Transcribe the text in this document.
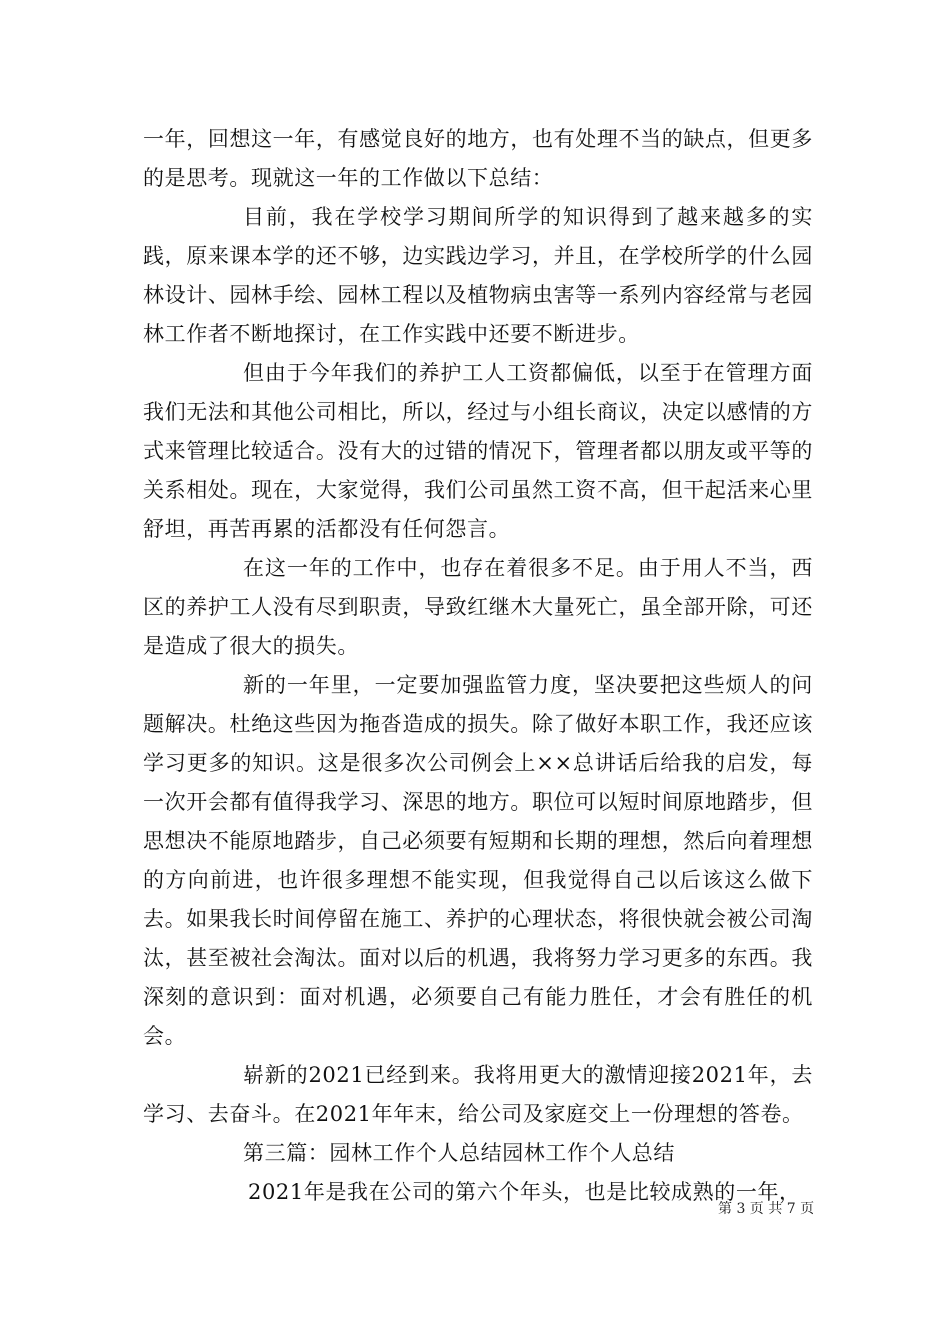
一年，回想这一年，有感觉良好的地方，也有处理不当的缺点，但更多的是思考。现就这一年的工作做以下总结：

目前，我在学校学习期间所学的知识得到了越来越多的实践，原来课本学的还不够，边实践边学习，并且，在学校所学的什么园林设计、园林手绘、园林工程以及植物病虫害等一系列内容经常与老园林工作者不断地探讨，在工作实践中还要不断进步。

但由于今年我们的养护工人工资都偏低，以至于在管理方面我们无法和其他公司相比，所以，经过与小组长商议，决定以感情的方式来管理比较适合。没有大的过错的情况下，管理者都以朋友或平等的关系相处。现在，大家觉得，我们公司虽然工资不高，但干起活来心里舒坦，再苦再累的活都没有任何怨言。

在这一年的工作中，也存在着很多不足。由于用人不当，西区的养护工人没有尽到职责，导致红继木大量死亡，虽全部开除，可还是造成了很大的损失。

新的一年里，一定要加强监管力度，坚决要把这些烦人的问题解决。杜绝这些因为拖沓造成的损失。除了做好本职工作，我还应该学习更多的知识。这是很多次公司例会上××总讲话后给我的启发，每一次开会都有值得我学习、深思的地方。职位可以短时间原地踏步，但思想决不能原地踏步，自己必须要有短期和长期的理想，然后向着理想的方向前进，也许很多理想不能实现，但我觉得自己以后该这么做下去。如果我长时间停留在施工、养护的心理状态，将很快就会被公司淘汰，甚至被社会淘汰。面对以后的机遇，我将努力学习更多的东西。我深刻的意识到：面对机遇，必须要自己有能力胜任，才会有胜任的机会。

崭新的2021已经到来。我将用更大的激情迎接2021年，去学习、去奋斗。在2021年年末，给公司及家庭交上一份理想的答卷。

第三篇：园林工作个人总结园林工作个人总结

2021年是我在公司的第六个年头，也是比较成熟的一年，

第 3 页 共 7 页
